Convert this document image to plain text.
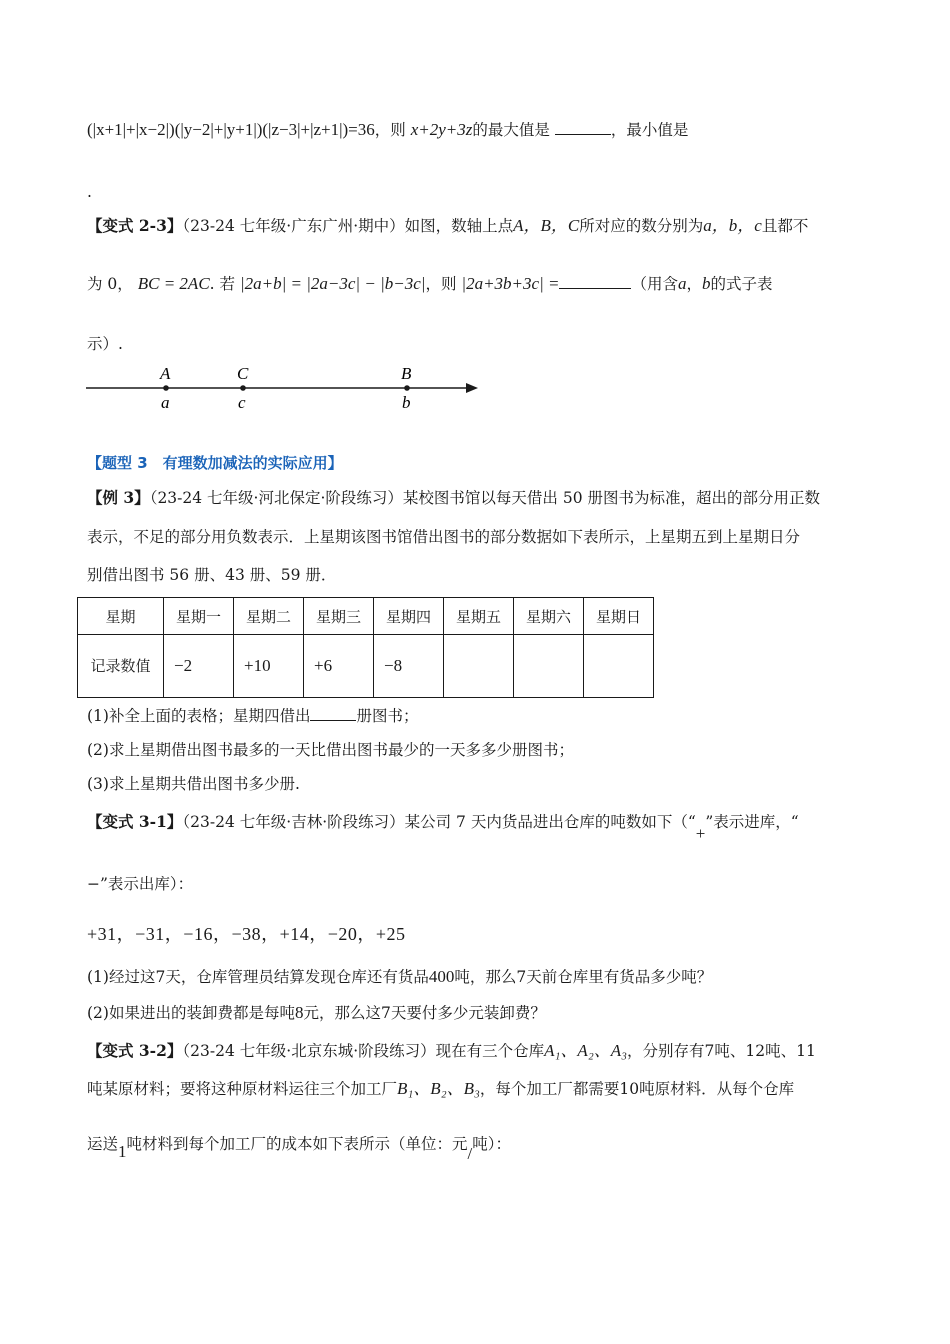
(|x+1|+|x−2|)(|y−2|+|y+1|)(|z−3|+|z+1|)=36，则 x+2y+3z的最大值是	，最小值是
.
【变式 2-3】（23-24 七年级·广东广州·期中）如图，数轴上点A，B，C所对应的数分别为a，b，c且都不
为 0， BC = 2AC. 若 |2a+b| = |2a−3c| − |b−3c|，则 |2a+3b+3c| =	（用含a，b的式子表
示）.
A	C	B
a	c	b
【题型 3　有理数加减法的实际应用】
【例 3】（23-24 七年级·河北保定·阶段练习）某校图书馆以每天借出 50 册图书为标准，超出的部分用正数
表示，不足的部分用负数表示．上星期该图书馆借出图书的部分数据如下表所示，上星期五到上星期日分
别借出图书 56 册、43 册、59 册．
星期	星期一	星期二	星期三	星期四	星期五	星期六	星期日
记录数值	−2	+10	+6	−8			
(1)补全上面的表格；星期四借出	册图书；
(2)求上星期借出图书最多的一天比借出图书最少的一天多多少册图书；
(3)求上星期共借出图书多少册.
【变式 3-1】（23-24 七年级·吉林·阶段练习）某公司 7 天内货品进出仓库的吨数如下（“+”表示进库，“
−”表示出库）：
+31，−31，−16，−38，+14，−20，+25
(1)经过这7天，仓库管理员结算发现仓库还有货品400吨，那么7天前仓库里有货品多少吨？
(2)如果进出的装卸费都是每吨8元，那么这7天要付多少元装卸费？
【变式 3-2】（23-24 七年级·北京东城·阶段练习）现在有三个仓库A₁、A₂、A₃，分别存有7吨、12吨、11
吨某原材料；要将这种原材料运往三个加工厂B₁、B₂、B₃，每个加工厂都需要10吨原材料．从每个仓库
运送1吨材料到每个加工厂的成本如下表所示（单位：元/吨）：
